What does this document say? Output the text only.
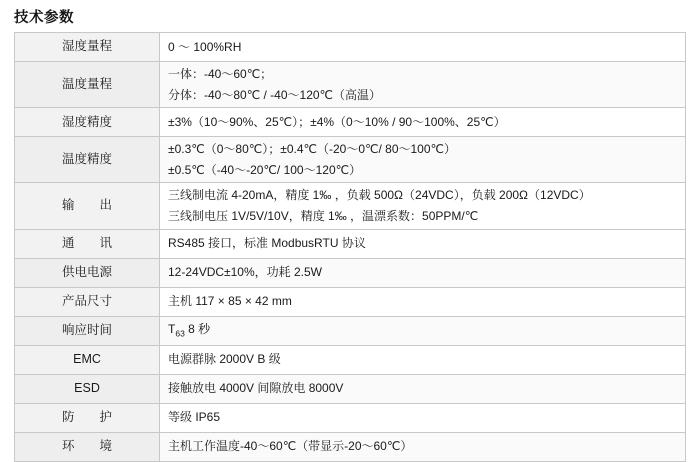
技术参数
湿度量程	0 ～ 100%RH

温度量程	一体：-40～60℃；
分体：-40～80℃ / -40～120℃（高温）

湿度精度	±3%（10～90%、25℃）；±4%（0～10% / 90～100%、25℃）

温度精度	±0.3℃（0～80℃）；±0.4℃（-20～0℃/ 80～100℃）
±0.5℃（-40～-20℃/ 100～120℃）

输　　出	三线制电流 4-20mA，精度 1‰ ，负载 500Ω（24VDC），负载 200Ω（12VDC）
三线制电压 1V/5V/10V，精度 1‰ ，温漂系数：50PPM/℃

通　　讯	RS485 接口，标准 ModbusRTU 协议

供电电源	12-24VDC±10%，功耗 2.5W

产品尺寸	主机 117 × 85 × 42 mm

响应时间	$T_{63}$ 8 秒

EMC	电源群脉 2000V B 级

ESD	接触放电 4000V 间隙放电 8000V

防　　护	等级 IP65

环　　境	主机工作温度-40～60℃（带显示-20～60℃）
